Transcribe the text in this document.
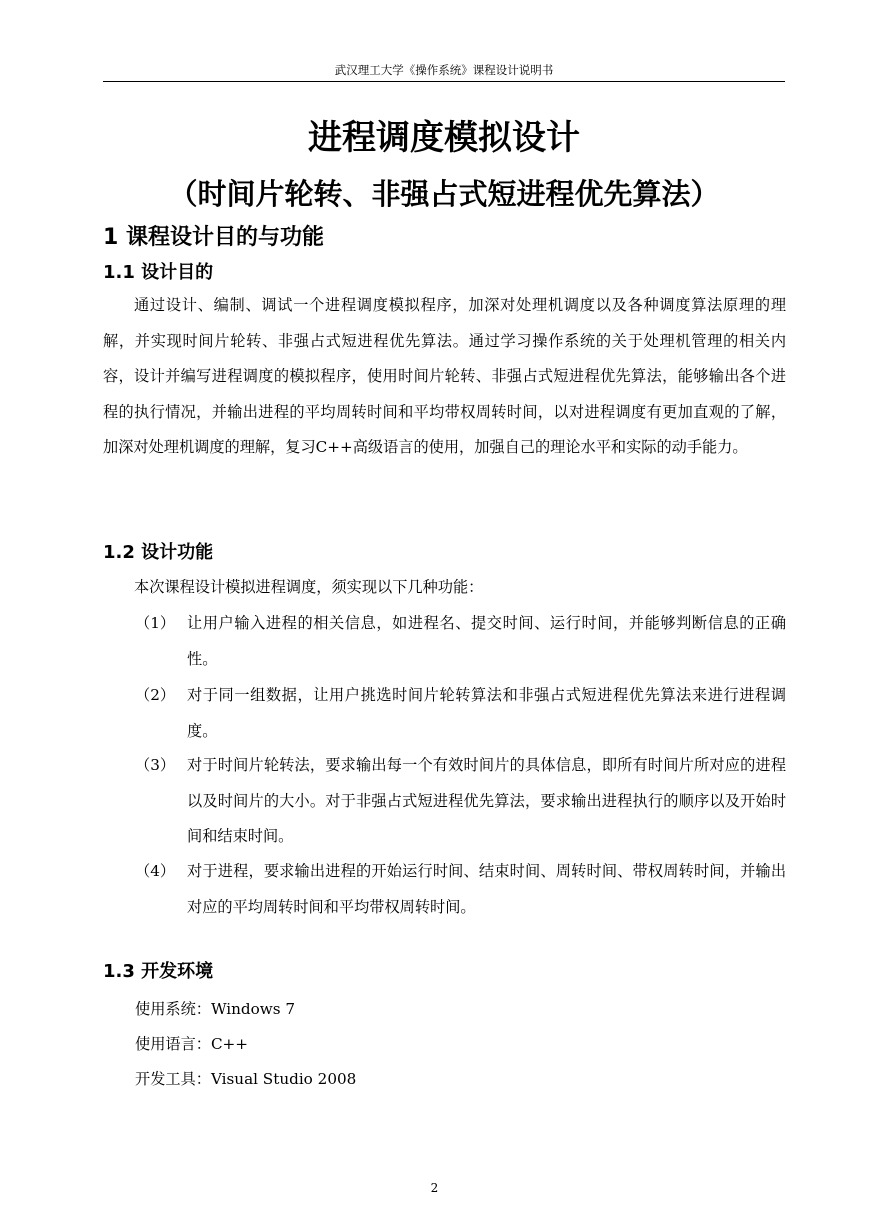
武汉理工大学《操作系统》课程设计说明书
进程调度模拟设计
（时间片轮转、非强占式短进程优先算法）
1 课程设计目的与功能
1.1 设计目的

通过设计、编制、调试一个进程调度模拟程序，加深对处理机调度以及各种调度算法原理的理解，并实现时间片轮转、非强占式短进程优先算法。通过学习操作系统的关于处理机管理的相关内容，设计并编写进程调度的模拟程序，使用时间片轮转、非强占式短进程优先算法，能够输出各个进程的执行情况，并输出进程的平均周转时间和平均带权周转时间，以对进程调度有更加直观的了解，加深对处理机调度的理解，复习C++高级语言的使用，加强自己的理论水平和实际的动手能力。

1.2 设计功能

本次课程设计模拟进程调度，须实现以下几种功能：

（1） 让用户输入进程的相关信息，如进程名、提交时间、运行时间，并能够判断信息的正确性。
（2） 对于同一组数据，让用户挑选时间片轮转算法和非强占式短进程优先算法来进行进程调度。
（3） 对于时间片轮转法，要求输出每一个有效时间片的具体信息，即所有时间片所对应的进程以及时间片的大小。对于非强占式短进程优先算法，要求输出进程执行的顺序以及开始时间和结束时间。
（4） 对于进程，要求输出进程的开始运行时间、结束时间、周转时间、带权周转时间，并输出对应的平均周转时间和平均带权周转时间。
1.3 开发环境
使用系统：Windows 7
使用语言：C++
开发工具：Visual Studio 2008
2
